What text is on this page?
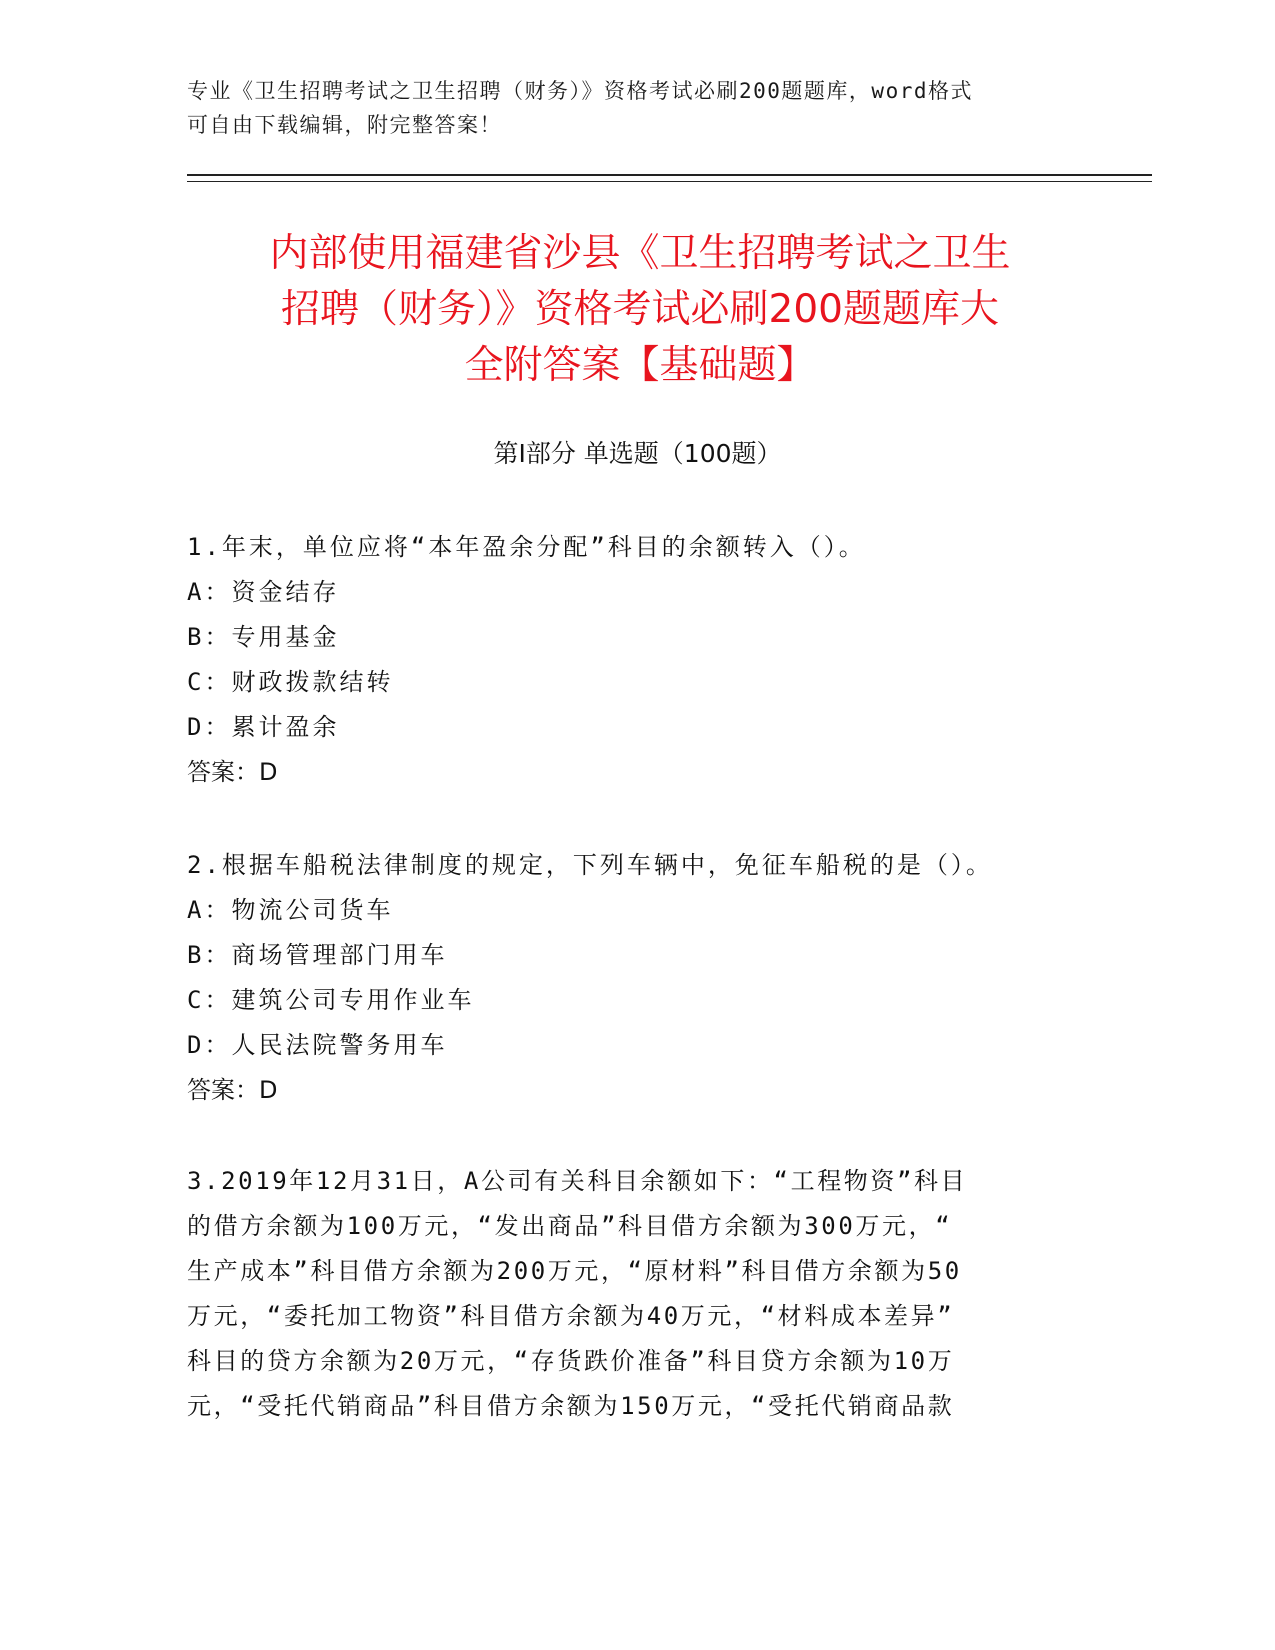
专业《卫生招聘考试之卫生招聘（财务）》资格考试必刷200题题库，word格式
可自由下载编辑，附完整答案！
内部使用福建省沙县《卫生招聘考试之卫生
招聘（财务）》资格考试必刷200题题库大
全附答案【基础题】
第Ⅰ部分 单选题（100题）
1.年末，单位应将“本年盈余分配”科目的余额转入（）。
A：资金结存
B：专用基金
C：财政拨款结转
D：累计盈余
答案：D
2.根据车船税法律制度的规定，下列车辆中，免征车船税的是（）。
A：物流公司货车
B：商场管理部门用车
C：建筑公司专用作业车
D：人民法院警务用车
答案：D
3.2019年12月31日，A公司有关科目余额如下：“工程物资”科目
的借方余额为100万元，“发出商品”科目借方余额为300万元，“
生产成本”科目借方余额为200万元，“原材料”科目借方余额为50
万元，“委托加工物资”科目借方余额为40万元，“材料成本差异”
科目的贷方余额为20万元，“存货跌价准备”科目贷方余额为10万
元，“受托代销商品”科目借方余额为150万元，“受托代销商品款
